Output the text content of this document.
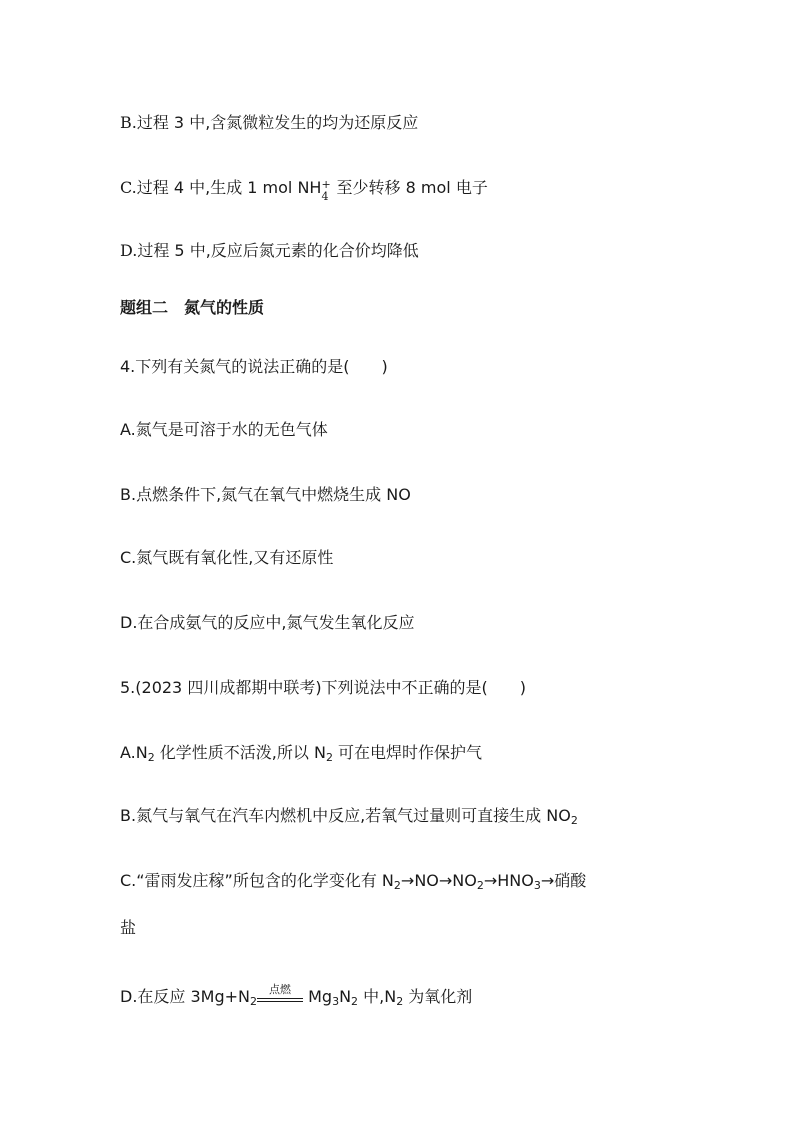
B.过程 3 中,含氮微粒发生的均为还原反应
C.过程 4 中,生成 1 mol NH +
4 至少转移 8 mol 电子
D.过程 5 中,反应后氮元素的化合价均降低
题组二　氮气的性质
4.下列有关氮气的说法正确的是(　　)
A.氮气是可溶于水的无色气体
B.点燃条件下,氮气在氧气中燃烧生成 NO
C.氮气既有氧化性,又有还原性
D.在合成氨气的反应中,氮气发生氧化反应
5.(2023 四川成都期中联考)下列说法中不正确的是(　　)
$A.N_2$ 化学性质不活泼,所以 $N_2$ 可在电焊时作保护气
B.氮气与氧气在汽车内燃机中反应,若氧气过量则可直接生成 $NO_2$
C.“雷雨发庄稼”所包含的化学变化有 $N_2\to NO\to NO_2\to HNO_3\to$硝酸
盐
D.在反应 $3Mg+N_2$
点燃 $Mg_3N_2$ 中$,N_2$ 为氧化剂
